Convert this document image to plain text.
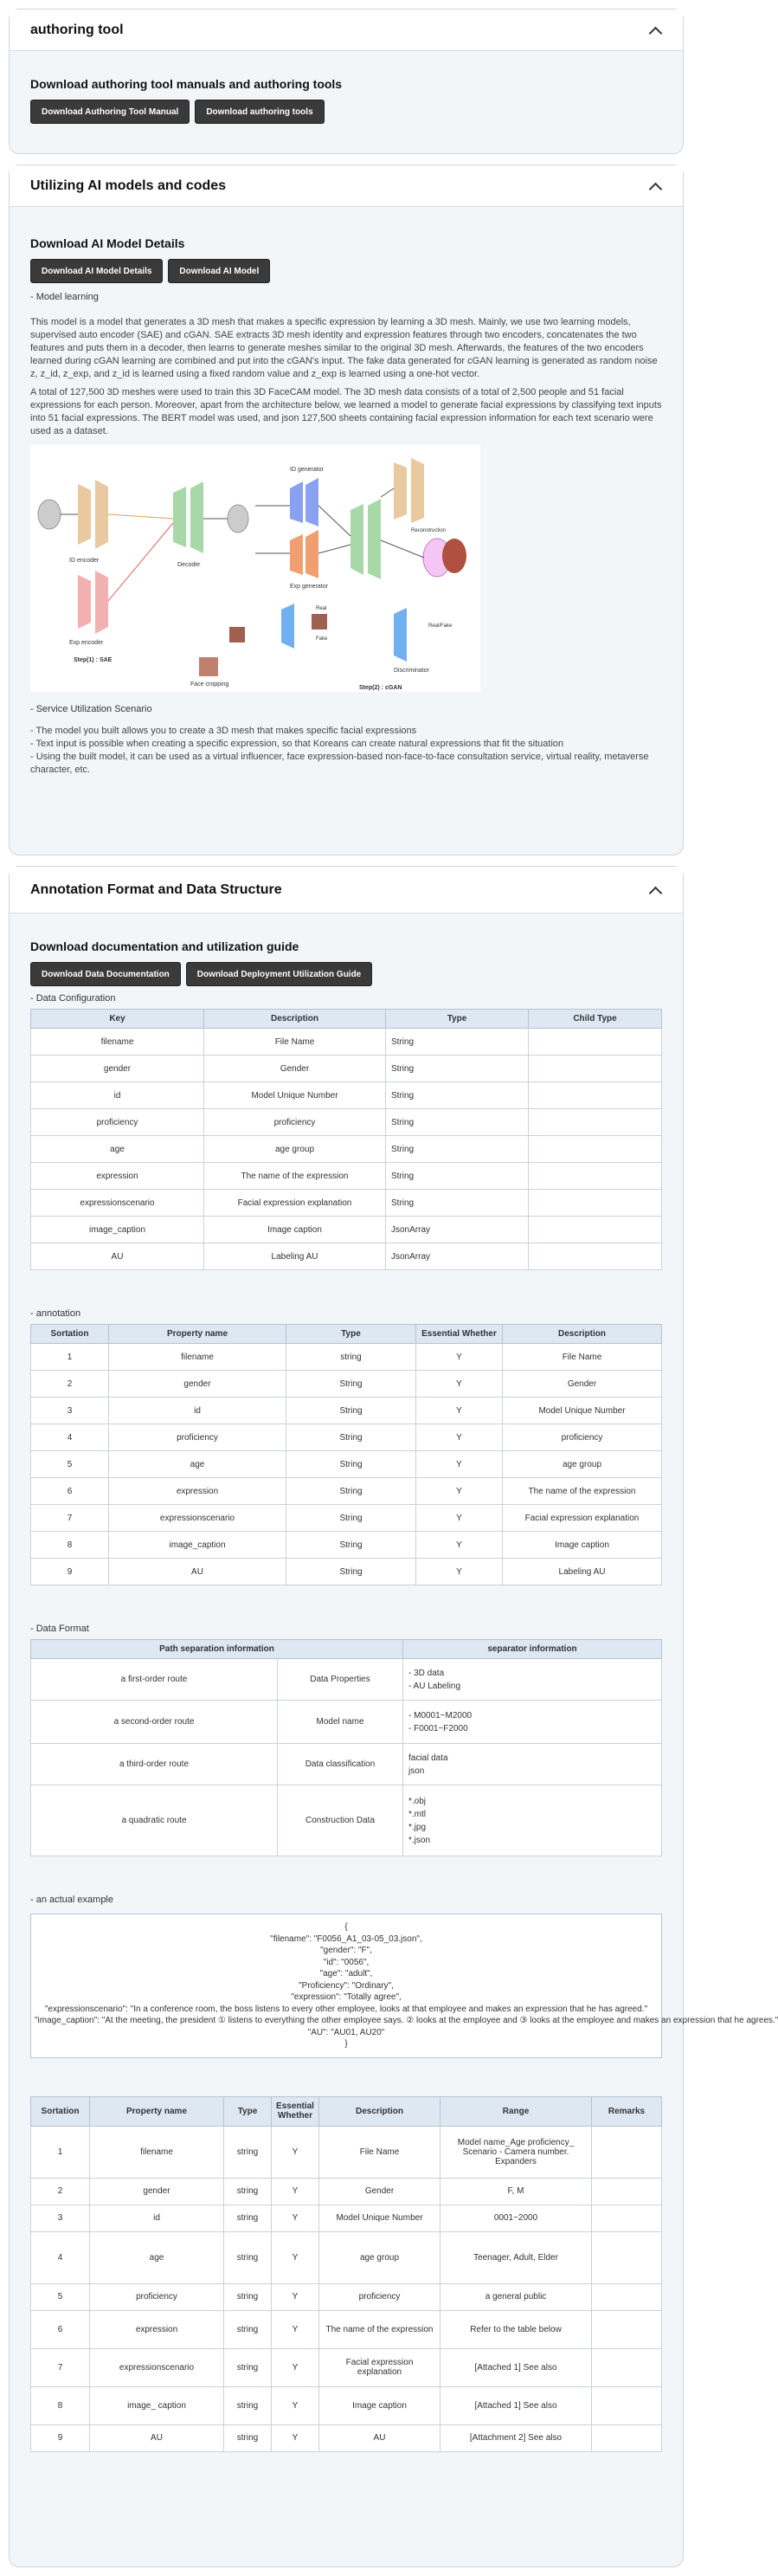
authoring tool
Download authoring tool manuals and authoring tools
Download Authoring Tool Manual	Download authoring tools
Utilizing AI models and codes
Download AI Model Details
Download AI Model Details	Download AI Model
- Model learning

This model is a model that generates a 3D mesh that makes a specific expression by learning a 3D mesh. Mainly, we use two learning models, supervised auto encoder (SAE) and cGAN. SAE extracts 3D mesh identity and expression features through two encoders, concatenates the two features and puts them in a decoder, then learns to generate meshes similar to the original 3D mesh. Afterwards, the features of the two encoders learned during cGAN learning are combined and put into the cGAN's input. The fake data generated for cGAN learning is generated as random noise z, z_id, z_exp, and z_id is learned using a fixed random value and z_exp is learned using a one-hot vector.

A total of 127,500 3D meshes were used to train this 3D FaceCAM model. The 3D mesh data consists of a total of 2,500 people and 51 facial expressions for each person. Moreover, apart from the architecture below, we learned a model to generate facial expressions by classifying text inputs into 51 facial expressions. The BERT model was used, and json 127,500 sheets containing facial expression information for each text scenario were used as a dataset.

ID encoder
Exp encoder
Decoder
Step(1) : SAE
Exp generator
ID generator
Discriminator
Face cropping
Real
Fake
Reconstruction
Real/Fake
Step(2) : cGAN
- Service Utilization Scenario
- The model you built allows you to create a 3D mesh that makes specific facial expressions
- Text input is possible when creating a specific expression, so that Koreans can create natural expressions that fit the situation
- Using the built model, it can be used as a virtual influencer, face expression-based non-face-to-face consultation service, virtual reality, metaverse character, etc.
Annotation Format and Data Structure
Download documentation and utilization guide
Download Data Documentation	Download Deployment Utilization Guide
- Data Configuration
Key	Description	Type	Child Type
filename	File Name	String	
gender	Gender	String	
id	Model Unique Number	String	
proficiency	proficiency	String	
age	age group	String	
expression	The name of the expression	String	
expressionscenario	Facial expression explanation	String	
image_caption	Image caption	JsonArray	
AU	Labeling AU	JsonArray	
- annotation
Sortation	Property name	Type	Essential Whether	Description
1	filename	string	Y	File Name
2	gender	String	Y	Gender
3	id	String	Y	Model Unique Number
4	proficiency	String	Y	proficiency
5	age	String	Y	age group
6	expression	String	Y	The name of the expression
7	expressionscenario	String	Y	Facial expression explanation
8	image_caption	String	Y	Image caption
9	AU	String	Y	Labeling AU
- Data Format
Path separation information		separator information
a first-order route	Data Properties	- 3D data
- AU Labeling

a second-order route	Model name	- M0001~M2000
- F0001~F2000

a third-order route	Data classification	facial data
json

a quadratic route	Construction Data	*.obj
*.mtl
*.jpg
*.json
- an actual example
{
"filename": "F0056_A1_03-05_03.json",
"gender": "F",
"id": "0056",
"age": "adult",
"Proficiency": "Ordinary",
"expression": "Totally agree",
"expressionscenario": "In a conference room, the boss listens to every other employee, looks at that employee and makes an expression that he has agreed."
"image_caption": "At the meeting, the president ① listens to everything the other employee says. ② looks at the employee and ③ looks at the employee and makes an expression that he agrees."
"AU": "AU01, AU20"
}
Sortation	Property name	Type	Essential Whether	Description	Range	Remarks
1	filename	string	Y	File Name	Model name_Age proficiency_ Scenario - Camera number. Expanders	
2	gender	string	Y	Gender	F, M	
3	id	string	Y	Model Unique Number	0001~2000	
4	age	string	Y	age group	Teenager, Adult, Elder	
5	proficiency	string	Y	proficiency	a general public	
6	expression	string	Y	The name of the expression	Refer to the table below	
7	expressionscenario	string	Y	Facial expression explanation	[Attached 1] See also	
8	image_ caption	string	Y	Image caption	[Attached 1] See also	
9	AU	string	Y	AU	[Attachment 2] See also	
